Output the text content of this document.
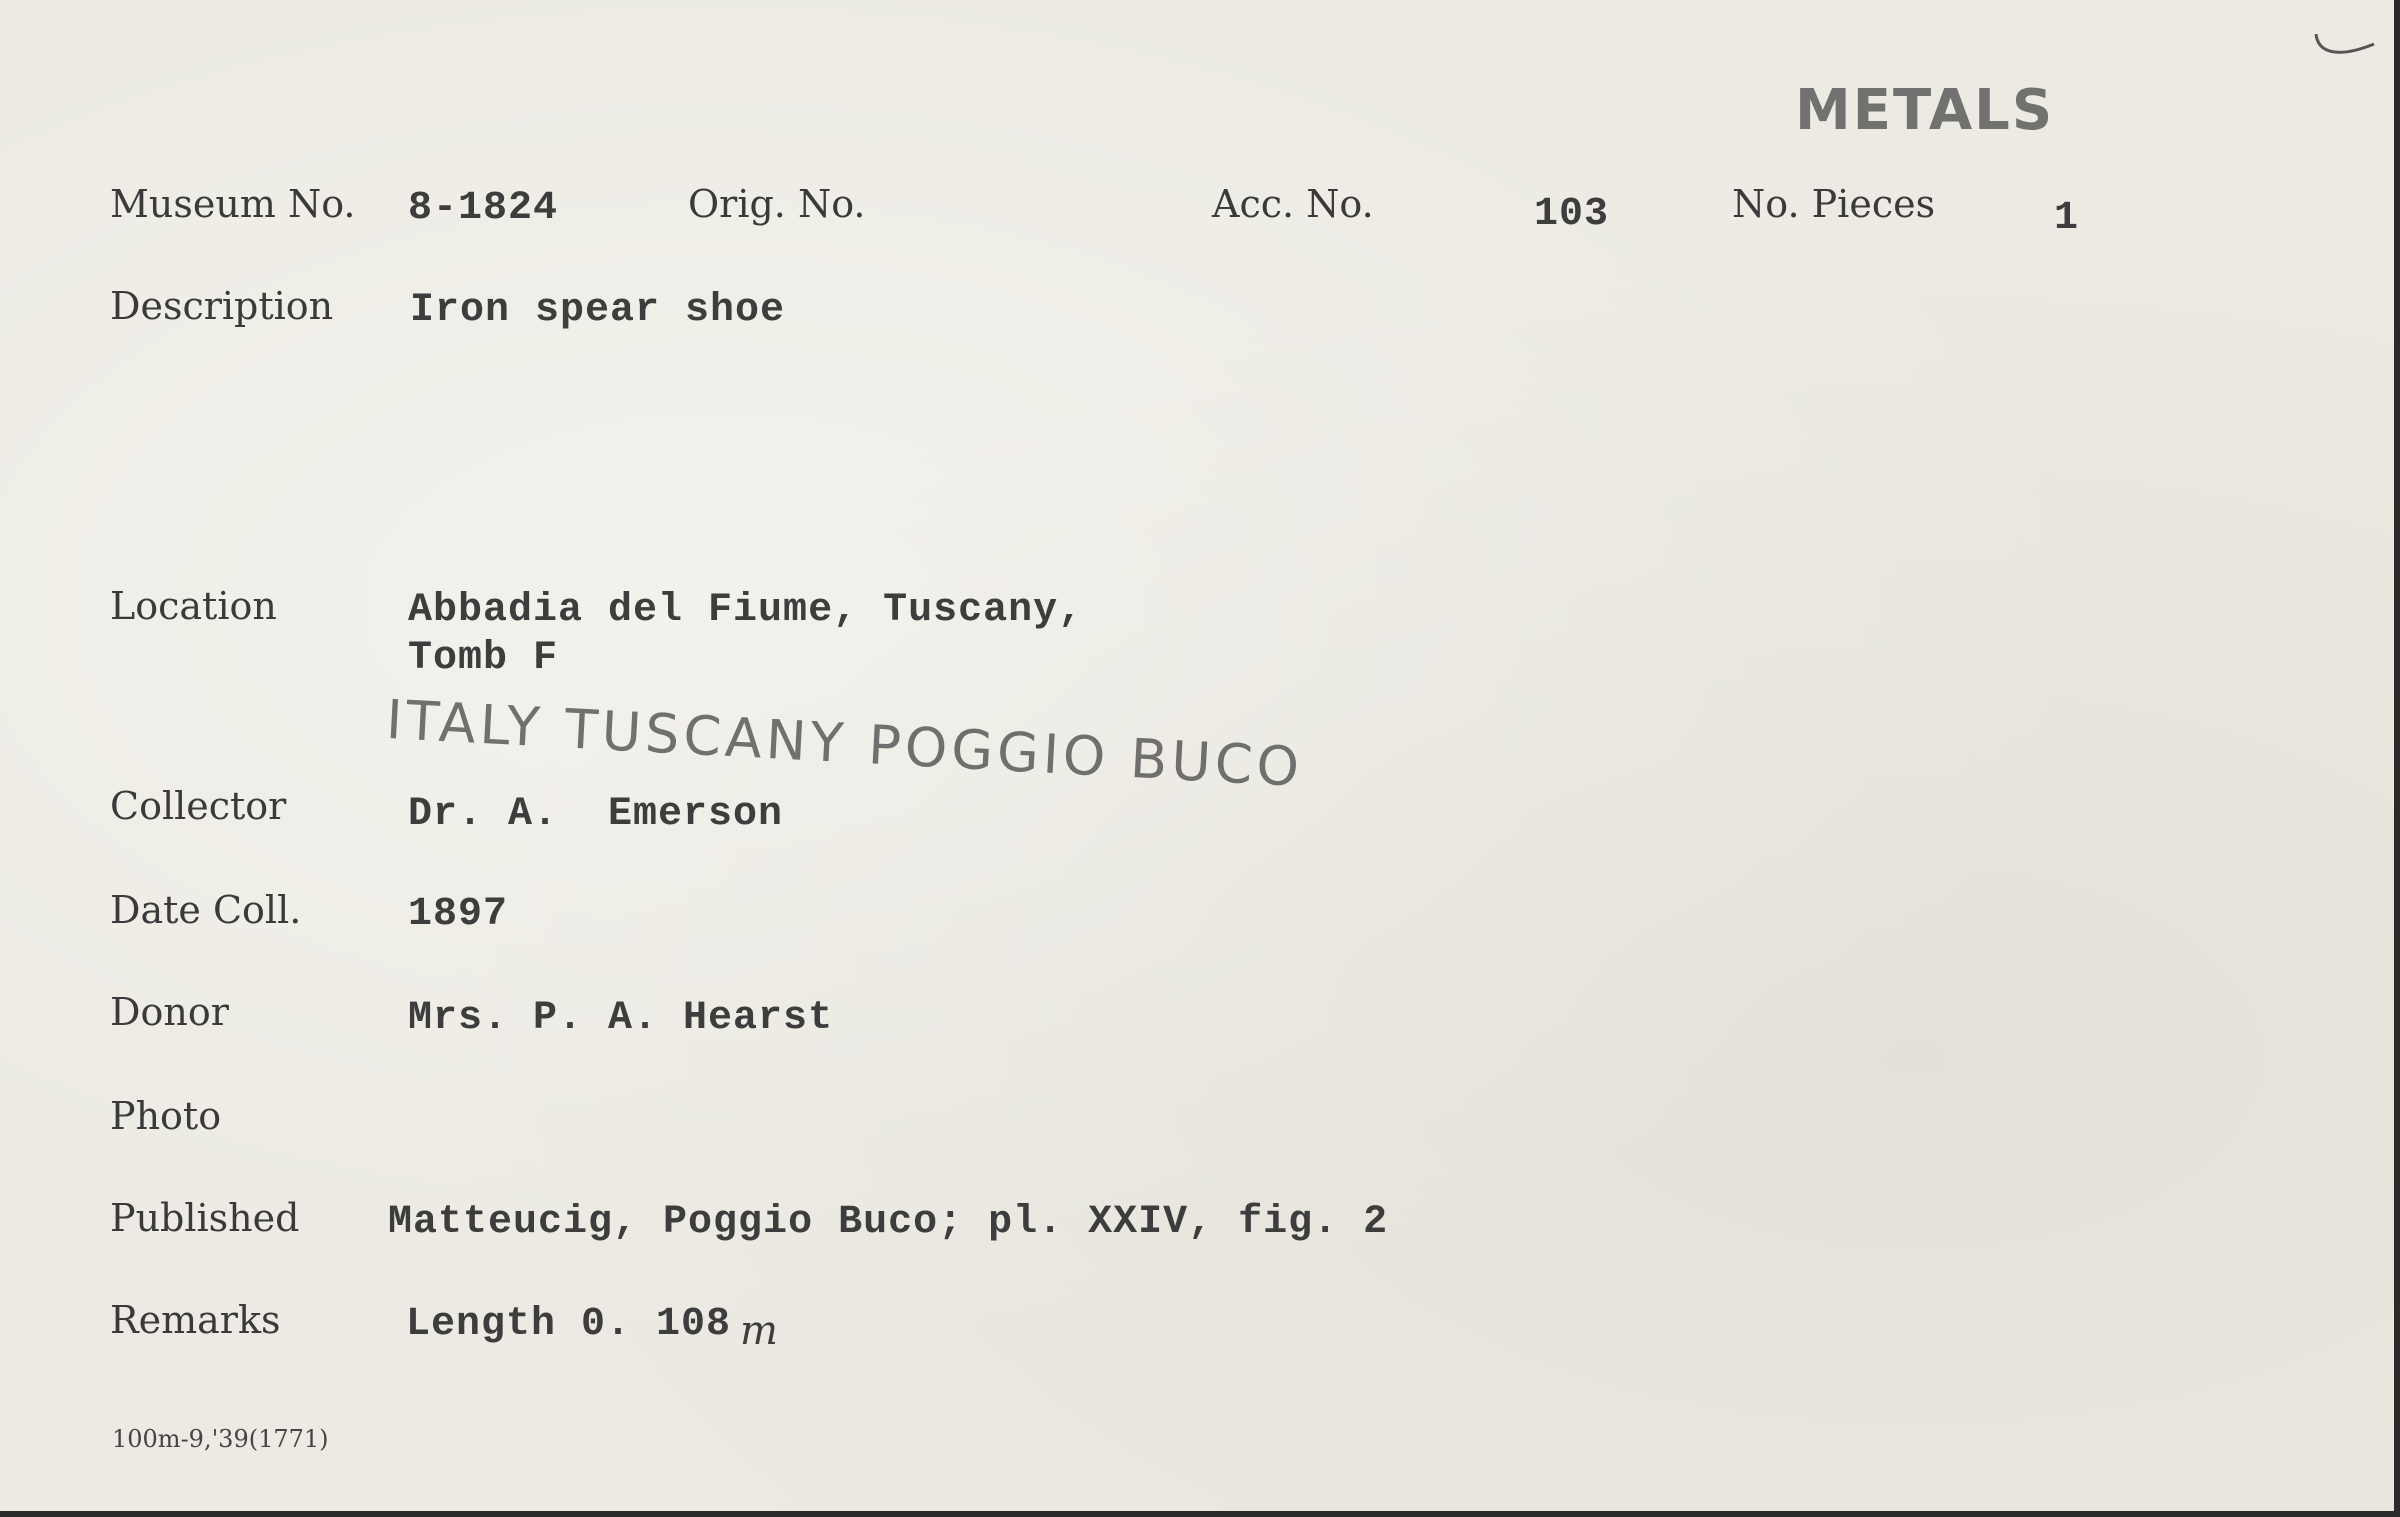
METALS
Museum No. 8-1824	Orig. No.	Acc. No.	103	No. Pieces	1
Description Iron spear shoe
Location	Abbadia del Fiume, Tuscany,
Tomb F
ITALY TUSCANY POGGIO BUCO
Collector	Dr. A.  Emerson
Date Coll.	1897
Donor	Mrs. P. A. Hearst
Photo
Published Matteucig, Poggio Buco; pl. XXIV, fig. 2
Remarks	Length 0. 108 m
100m-9,'39(1771)
